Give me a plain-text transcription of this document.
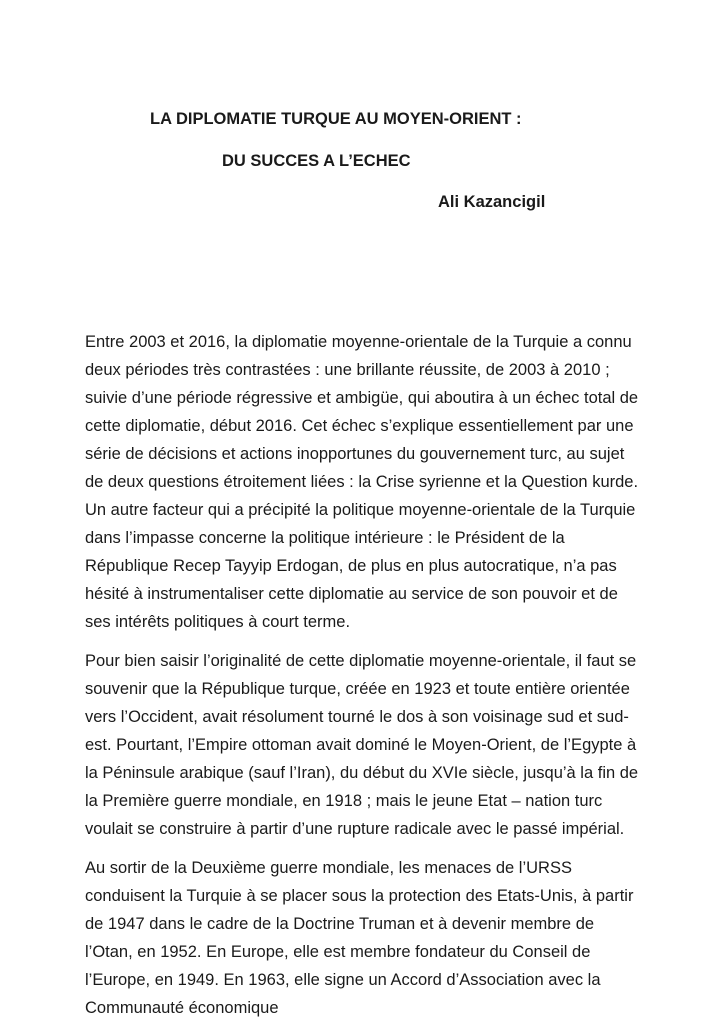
LA DIPLOMATIE TURQUE AU MOYEN-ORIENT :
DU SUCCES A L’ECHEC
Ali Kazancigil

Entre 2003 et 2016, la diplomatie moyenne-orientale de la Turquie a connu deux périodes très contrastées : une brillante réussite, de 2003 à 2010 ; suivie d’une période régressive et ambigüe, qui aboutira à un échec total de cette diplomatie, début 2016. Cet échec s’explique essentiellement par une série de décisions et actions inopportunes du gouvernement turc, au sujet de deux questions étroitement liées : la Crise syrienne et la Question kurde. Un autre facteur qui a précipité la politique moyenne-orientale de la Turquie dans l’impasse concerne la politique intérieure : le Président de la République Recep Tayyip Erdogan, de plus en plus autocratique, n’a pas hésité à instrumentaliser cette diplomatie au service de son pouvoir et de ses intérêts politiques à court terme.

Pour bien saisir l’originalité de cette diplomatie moyenne-orientale, il faut se souvenir que la République turque, créée en 1923 et toute entière orientée vers l’Occident, avait résolument tourné le dos à son voisinage sud et sud-est. Pourtant, l’Empire ottoman avait dominé le Moyen-Orient, de l’Egypte à la Péninsule arabique (sauf l’Iran), du début du XVIe siècle, jusqu’à la fin de la Première guerre mondiale, en 1918 ; mais le jeune Etat – nation turc voulait se construire à partir d’une rupture radicale avec le passé impérial.

Au sortir de la Deuxième guerre mondiale, les menaces de l’URSS conduisent la Turquie à se placer sous la protection des Etats-Unis, à partir de 1947 dans le cadre de la Doctrine Truman et à devenir membre de l’Otan, en 1952. En Europe, elle est membre fondateur du Conseil de l’Europe, en 1949. En 1963, elle signe un Accord d’Association avec la Communauté économique
